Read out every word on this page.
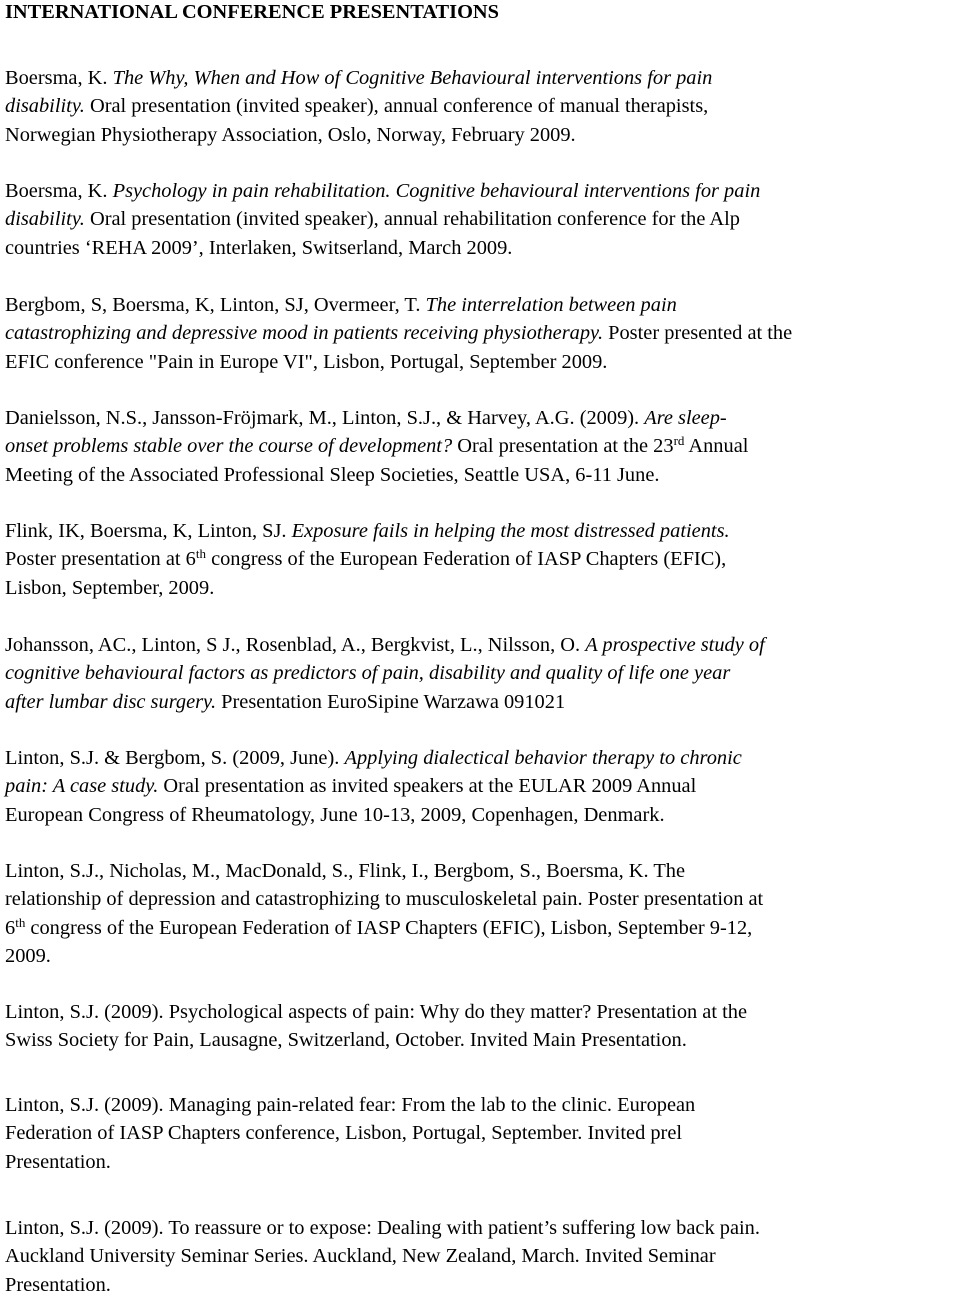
INTERNATIONAL CONFERENCE PRESENTATIONS

Boersma, K. The Why, When and How of Cognitive Behavioural interventions for pain
disability. Oral presentation (invited speaker), annual conference of manual therapists,
Norwegian Physiotherapy Association, Oslo, Norway, February 2009.

Boersma, K. Psychology in pain rehabilitation. Cognitive behavioural interventions for pain
disability. Oral presentation (invited speaker), annual rehabilitation conference for the Alp
countries ‘REHA 2009’, Interlaken, Switserland, March 2009.

Bergbom, S, Boersma, K, Linton, SJ, Overmeer, T. The interrelation between pain
catastrophizing and depressive mood in patients receiving physiotherapy. Poster presented at the
EFIC conference "Pain in Europe VI", Lisbon, Portugal, September 2009.

Danielsson, N.S., Jansson-Fröjmark, M., Linton, S.J., & Harvey, A.G. (2009). Are sleep-
onset problems stable over the course of development? Oral presentation at the 23rd Annual
Meeting of the Associated Professional Sleep Societies, Seattle USA, 6-11 June.

Flink, IK, Boersma, K, Linton, SJ. Exposure fails in helping the most distressed patients.
Poster presentation at 6th congress of the European Federation of IASP Chapters (EFIC),
Lisbon, September, 2009.

Johansson, AC., Linton, S J., Rosenblad, A., Bergkvist, L., Nilsson, O. A prospective study of
cognitive behavioural factors as predictors of pain, disability and quality of life one year
after lumbar disc surgery. Presentation EuroSipine Warzawa 091021

Linton, S.J. & Bergbom, S. (2009, June). Applying dialectical behavior therapy to chronic
pain: A case study. Oral presentation as invited speakers at the EULAR 2009 Annual
European Congress of Rheumatology, June 10-13, 2009, Copenhagen, Denmark.

Linton, S.J., Nicholas, M., MacDonald, S., Flink, I., Bergbom, S., Boersma, K. The
relationship of depression and catastrophizing to musculoskeletal pain. Poster presentation at
6th congress of the European Federation of IASP Chapters (EFIC), Lisbon, September 9-12,
2009.

Linton, S.J. (2009). Psychological aspects of pain: Why do they matter? Presentation at the
Swiss Society for Pain, Lausagne, Switzerland, October. Invited Main Presentation.

Linton, S.J. (2009). Managing pain-related fear: From the lab to the clinic. European
Federation of IASP Chapters conference, Lisbon, Portugal, September. Invited prel
Presentation.

Linton, S.J. (2009). To reassure or to expose: Dealing with patient’s suffering low back pain.
Auckland University Seminar Series. Auckland, New Zealand, March. Invited Seminar
Presentation.
